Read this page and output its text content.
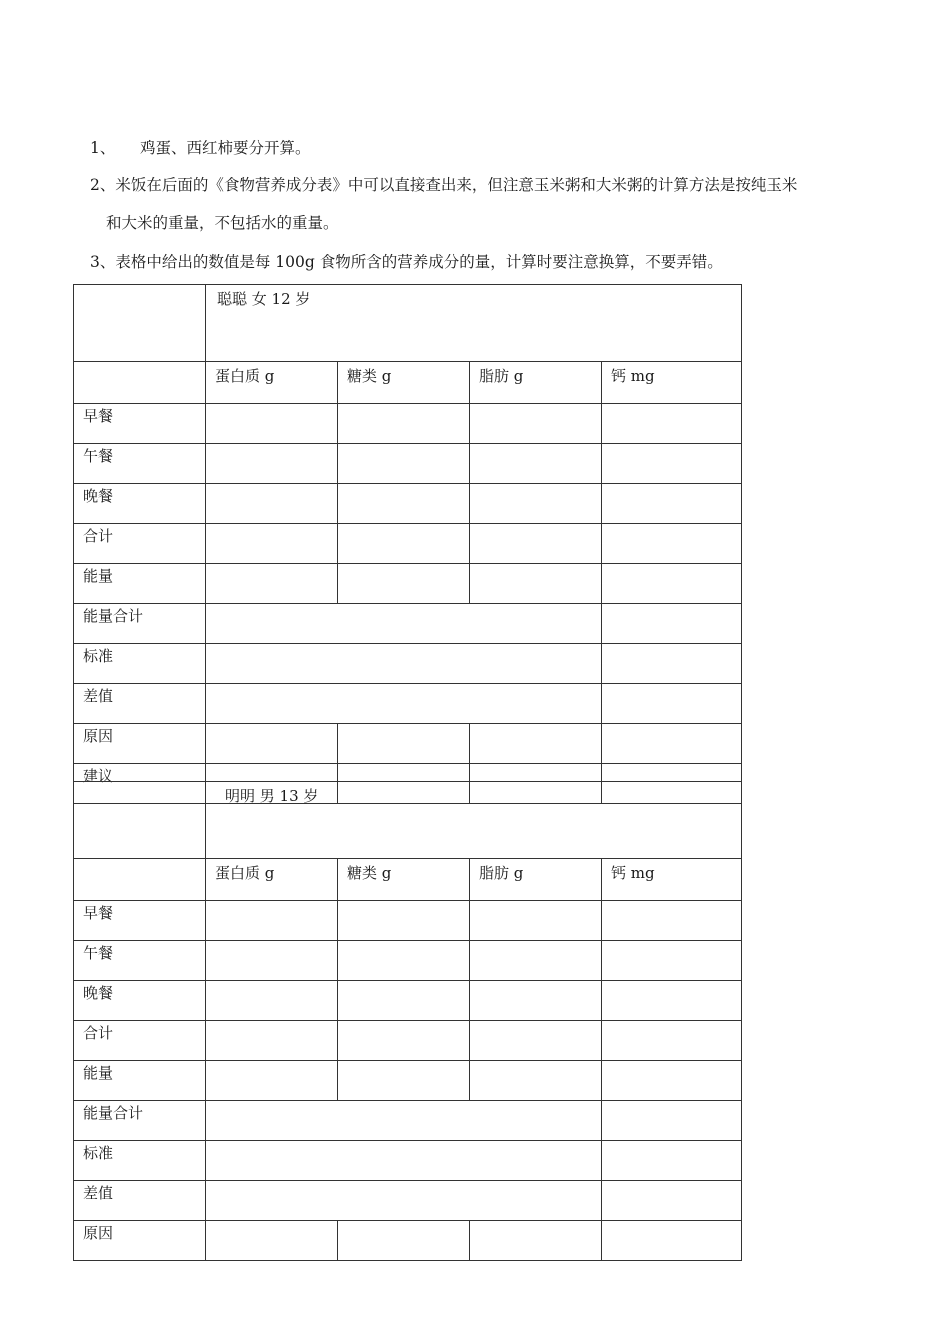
1、 鸡蛋、西红柿要分开算。
2、米饭在后面的《食物营养成分表》中可以直接查出来，但注意玉米粥和大米粥的计算方法是按纯玉米
和大米的重量，不包括水的重量。
3、表格中给出的数值是每 100g 食物所含的营养成分的量，计算时要注意换算，不要弄错。
	聪聪 女 12 岁			
	蛋白质 g	糖类 g	脂肪 g	钙 mg
早餐				
午餐				
晚餐				
合计				
能量				
能量合计				
标准				
差值				
原因				
建议				
	明明 男 13 岁			
	蛋白质 g	糖类 g	脂肪 g	钙 mg
早餐				
午餐				
晚餐				
合计				
能量				
能量合计				
标准				
差值				
原因				
